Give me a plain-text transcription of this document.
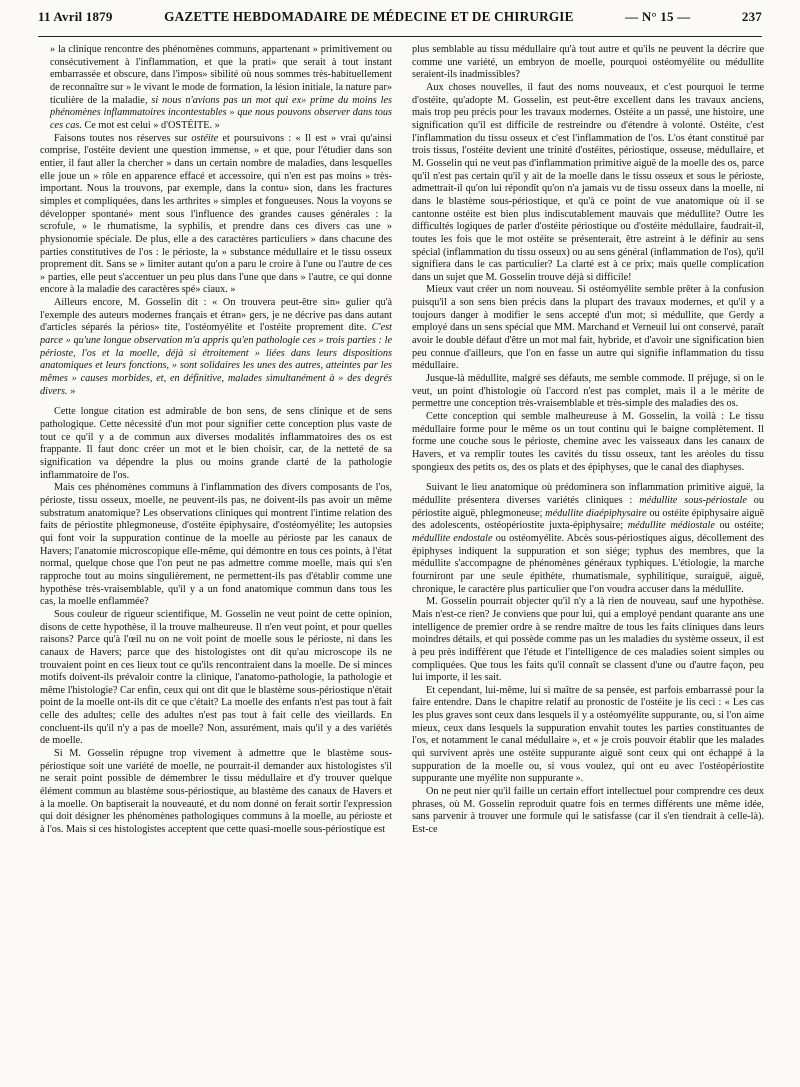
11 Avril 1879	GAZETTE HEBDOMADAIRE DE MÉDECINE ET DE CHIRURGIE	— N° 15 —	237

» la clinique rencontre des phénomènes communs, appartenant » primitivement ou consécutivement à l'inflammation, et que la prati» que serait à tout instant embarrassée et obscure, dans l'impos» sibilité où nous sommes très-habituellement de reconnaître sur » le vivant le mode de formation, la lésion initiale, la nature par» ticulière de la maladie, si nous n'avions pas un mot qui ex» prime du moins les phénomènes inflammatoires incontestables » que nous pouvons observer dans tous ces cas. Ce mot est celui » d'OSTÉITE. »

Faisons toutes nos réserves sur ostéite et poursuivons : « Il est » vrai qu'ainsi comprise, l'ostéite devient une question immense, » et que, pour l'étudier dans son entier, il faut aller la chercher » dans un certain nombre de maladies, dans lesquelles elle joue un » rôle en apparence effacé et accessoire, qui n'en est pas moins » très-important. Nous la trouvons, par exemple, dans la contu» sion, dans les fractures simples et compliquées, dans les arthrites » simples et fongueuses. Nous la voyons se développer spontané» ment sous l'influence des grandes causes générales : la scrofule, » le rhumatisme, la syphilis, et prendre dans ces divers cas une » physionomie spéciale. De plus, elle a des caractères particuliers » dans chacune des parties constitutives de l'os : le périoste, la » substance médullaire et le tissu osseux proprement dit. Sans se » limiter autant qu'on a paru le croire à l'une ou l'autre de ces » parties, elle peut s'accentuer un peu plus dans l'une que dans » l'autre, ce qui donne encore à la maladie des caractères spé» ciaux. »

Ailleurs encore, M. Gosselin dit : « On trouvera peut-être sin» gulier qu'à l'exemple des auteurs modernes français et étran» gers, je ne décrive pas dans autant d'articles séparés la périos» tite, l'ostéomyélite et l'ostéite proprement dite. C'est parce » qu'une longue observation m'a appris qu'en pathologie ces » trois parties : le périoste, l'os et la moelle, déjà si étroitement » liées dans leurs dispositions anatomiques et leurs fonctions, » sont solidaires les unes des autres, atteintes par les mêmes » causes morbides, et, en définitive, malades simultanément à » des degrés divers. »

Cette longue citation est admirable de bon sens, de sens clinique et de sens pathologique. Cette nécessité d'un mot pour signifier cette conception plus vaste de tout ce qu'il y a de commun aux diverses modalités inflammatoires des os est frappante. Il faut donc créer un mot et le bien choisir, car, de la netteté de sa signification va dépendre la plus ou moins grande clarté de la pathologie inflammatoire de l'os.

Mais ces phénomènes communs à l'inflammation des divers composants de l'os, périoste, tissu osseux, moelle, ne peuvent-ils pas, ne doivent-ils pas avoir un même substratum anatomique? Les observations cliniques qui montrent l'intime relation des faits de périostite phlegmoneuse, d'ostéite épiphysaire, d'ostéomyélite; les autopsies qui font voir la suppuration continue de la moelle au périoste par les canaux de Havers; l'anatomie microscopique elle-même, qui démontre en tous ces points, à l'état normal, quelque chose que l'on peut ne pas admettre comme moelle, mais qui s'en rapproche tout au moins singulièrement, ne permettent-ils pas d'établir comme une hypothèse très-vraisemblable, qu'il y a un fond anatomique commun dans tous les cas, la moelle enflammée?

Sous couleur de rigueur scientifique, M. Gosselin ne veut point de cette opinion, disons de cette hypothèse, il la trouve malheureuse. Il n'en veut point, et pour quelles raisons? Parce qu'à l'œil nu on ne voit point de moelle sous le périoste, ni dans les canaux de Havers; parce que des histologistes ont dit qu'au microscope ils ne trouvaient point en ces lieux tout ce qu'ils rencontraient dans la moelle. De si minces motifs doivent-ils prévaloir contre la clinique, l'anatomo-pathologie, la pathologie et même l'histologie? Car enfin, ceux qui ont dit que le blastème sous-périostique n'était point de la moelle ont-ils dit ce que c'était? La moelle des enfants n'est pas tout à fait celle des adultes; celle des adultes n'est pas tout à fait celle des vieillards. En concluent-ils qu'il n'y a pas de moelle? Non, assurément, mais qu'il y a des variétés de moelle.

Si M. Gosselin répugne trop vivement à admettre que le blastème sous-périostique soit une variété de moelle, ne pourrait-il demander aux histologistes s'il ne serait point possible de démembrer le tissu médullaire et d'y trouver quelque élément commun au blastème sous-périostique, au blastème des canaux de Havers et à la moelle. On baptiserait la nouveauté, et du nom donné on ferait sortir l'expression qui doit désigner les phénomènes pathologiques communs à la moelle, au périoste et à l'os. Mais si ces histologistes acceptent que cette quasi-moelle sous-périostique est

plus semblable au tissu médullaire qu'à tout autre et qu'ils ne peuvent la décrire que comme une variété, un embryon de moelle, pourquoi ostéomyélite ou médullite seraient-ils inadmissibles?

Aux choses nouvelles, il faut des noms nouveaux, et c'est pourquoi le terme d'ostéite, qu'adopte M. Gosselin, est peut-être excellent dans les travaux anciens, mais trop peu précis pour les travaux modernes. Ostéite a un passé, une histoire, une signification qu'il est difficile de restreindre ou d'étendre à volonté. Ostéite, c'est l'inflammation du tissu osseux et c'est l'inflammation de l'os. L'os étant constitué par trois tissus, l'ostéite devient une trinité d'ostéites, périostique, osseuse, médullaire, et M. Gosselin qui ne veut pas d'inflammation primitive aiguë de la moelle des os, parce qu'il n'est pas certain qu'il y ait de la moelle dans le tissu osseux et sous le périoste, admettrait-il qu'on lui répondît qu'on n'a jamais vu de tissu osseux dans la moelle, ni dans le blastème sous-périostique, et qu'à ce point de vue anatomique où il se cantonne ostéite est bien plus indiscutablement mauvais que médullite? Outre les difficultés logiques de parler d'ostéite périostique ou d'ostéite médullaire, faudrait-il, toutes les fois que le mot ostéite se présenterait, être astreint à le définir au sens spécial (inflammation du tissu osseux) ou au sens général (inflammation de l'os), qu'il signifiera dans le cas particulier? La clarté est à ce prix; mais quelle complication dans un sujet que M. Gosselin trouve déjà si difficile!

Mieux vaut créer un nom nouveau. Si ostéomyélite semble prêter à la confusion puisqu'il a son sens bien précis dans la plupart des travaux modernes, et qu'il y a toujours danger à modifier le sens accepté d'un mot; si médullite, que Gerdy a employé dans un sens spécial que MM. Marchand et Verneuil lui ont conservé, paraît avoir le double défaut d'être un mot mal fait, hybride, et d'avoir une signification bien peu connue d'ailleurs, que l'on en fasse un autre qui signifie inflammation du tissu médullaire.

Jusque-là médullite, malgré ses défauts, me semble commode. Il préjuge, si on le veut, un point d'histologie où l'accord n'est pas complet, mais il a le mérite de permettre une conception très-vraisemblable et très-simple des maladies des os.

Cette conception qui semble malheureuse à M. Gosselin, la voilà : Le tissu médullaire forme pour le même os un tout continu qui le baigne complètement. Il forme une couche sous le périoste, chemine avec les vaisseaux dans les canaux de Havers, et va remplir toutes les cavités du tissu osseux, tant les aréoles du tissu spongieux des petits os, des os plats et des épiphyses, que le canal des diaphyses.

Suivant le lieu anatomique où prédominera son inflammation primitive aiguë, la médullite présentera diverses variétés cliniques : médullite sous-périostale ou périostite aiguë, phlegmoneuse; médullite diaépiphysaire ou ostéite épiphysaire aiguë des adolescents, ostéopériostite juxta-épiphysaire; médullite médiostale ou ostéite; médullite endostale ou ostéomyélite. Abcès sous-périostiques aigus, décollement des épiphyses indiquent la suppuration et son siége; typhus des membres, que la médullite s'accompagne de phénomènes généraux typhiques. L'étiologie, la marche fourniront par une seule épithète, rhumatismale, syphilitique, suraiguë, aiguë, chronique, le caractère plus particulier que l'on voudra accuser dans la médullite.

M. Gosselin pourrait objecter qu'il n'y a là rien de nouveau, sauf une hypothèse. Mais n'est-ce rien? Je conviens que pour lui, qui a employé pendant quarante ans une intelligence de premier ordre à se rendre maître de tous les faits cliniques dans leurs moindres détails, et qui possède comme pas un les maladies du système osseux, il est à peu près indifférent que l'étude et l'intelligence de ces maladies soient simples ou compliquées. Que tous les faits qu'il connaît se classent d'une ou d'autre façon, peu lui importe, il les sait.

Et cependant, lui-même, lui si maître de sa pensée, est parfois embarrassé pour la faire entendre. Dans le chapitre relatif au pronostic de l'ostéite je lis ceci : « Les cas les plus graves sont ceux dans lesquels il y a ostéomyélite suppurante, ou, si l'on aime mieux, ceux dans lesquels la suppuration envahit toutes les parties constituantes de l'os, et notamment le canal médullaire », et « je crois pouvoir établir que les malades qui survivent après une ostéite suppurante aiguë sont ceux qui ont échappé à la suppuration de la moelle ou, si vous voulez, qui ont eu avec l'ostéopériostite suppurante une myélite non suppurante ».

On ne peut nier qu'il faille un certain effort intellectuel pour comprendre ces deux phrases, où M. Gosselin reproduit quatre fois en termes différents une même idée, sans parvenir à trouver une formule qui le satisfasse (car il s'en tiendrait à celle-là). Est-ce
